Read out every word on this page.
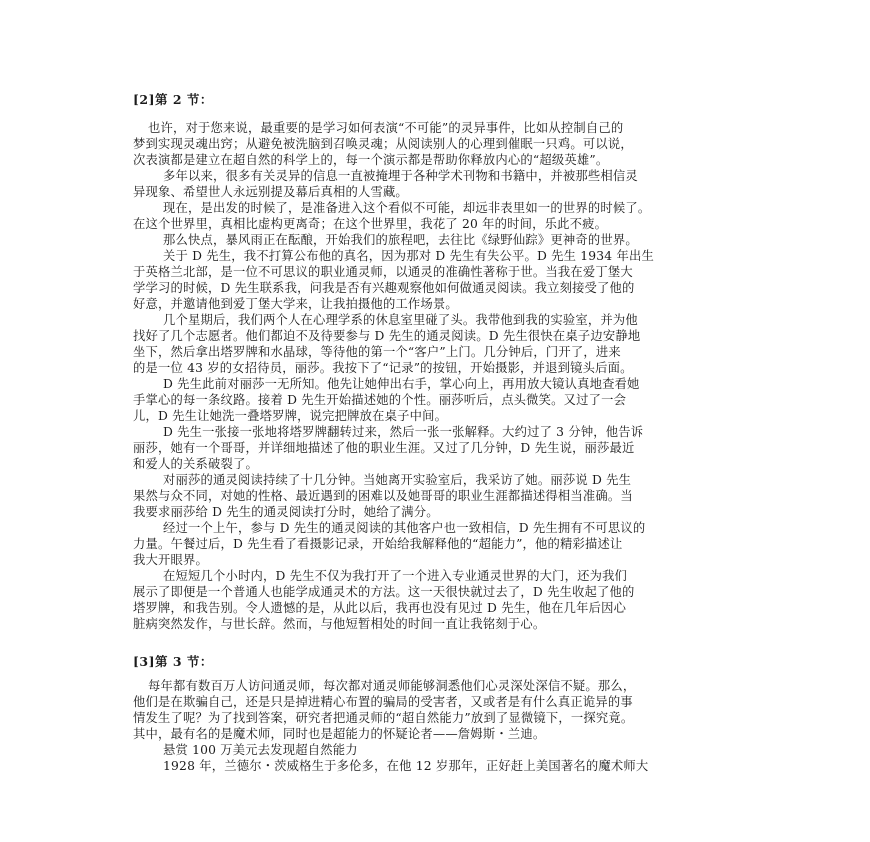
[2]第 2 节：
也许，对于您来说，最重要的是学习如何表演“不可能”的灵异事件，比如从控制自己的
梦到实现灵魂出窍；从避免被洗脑到召唤灵魂；从阅读别人的心理到催眠一只鸡。可以说，
次表演都是建立在超自然的科学上的，每一个演示都是帮助你释放内心的“超级英雄”。
多年以来，很多有关灵异的信息一直被掩埋于各种学术刊物和书籍中，并被那些相信灵
异现象、希望世人永远别提及幕后真相的人雪藏。
现在，是出发的时候了，是准备进入这个看似不可能，却远非表里如一的世界的时候了。
在这个世界里，真相比虚构更离奇；在这个世界里，我花了 20 年的时间，乐此不疲。
那么快点，暴风雨正在酝酿，开始我们的旅程吧，去往比《绿野仙踪》更神奇的世界。
关于 D 先生，我不打算公布他的真名，因为那对 D 先生有失公平。D 先生 1934 年出生
于英格兰北部，是一位不可思议的职业通灵师，以通灵的准确性著称于世。当我在爱丁堡大
学学习的时候，D 先生联系我，问我是否有兴趣观察他如何做通灵阅读。我立刻接受了他的
好意，并邀请他到爱丁堡大学来，让我拍摄他的工作场景。
几个星期后，我们两个人在心理学系的休息室里碰了头。我带他到我的实验室，并为他
找好了几个志愿者。他们都迫不及待要参与 D 先生的通灵阅读。D 先生很快在桌子边安静地
坐下，然后拿出塔罗牌和水晶球，等待他的第一个“客户”上门。几分钟后，门开了，进来
的是一位 43 岁的女招待员，丽莎。我按下了“记录”的按钮，开始摄影，并退到镜头后面。
D 先生此前对丽莎一无所知。他先让她伸出右手，掌心向上，再用放大镜认真地查看她
手掌心的每一条纹路。接着 D 先生开始描述她的个性。丽莎听后，点头微笑。又过了一会
儿，D 先生让她洗一叠塔罗牌，说完把牌放在桌子中间。
D 先生一张接一张地将塔罗牌翻转过来，然后一张一张解释。大约过了 3 分钟，他告诉
丽莎，她有一个哥哥，并详细地描述了他的职业生涯。又过了几分钟，D 先生说，丽莎最近
和爱人的关系破裂了。
对丽莎的通灵阅读持续了十几分钟。当她离开实验室后，我采访了她。丽莎说 D 先生
果然与众不同，对她的性格、最近遇到的困难以及她哥哥的职业生涯都描述得相当准确。当
我要求丽莎给 D 先生的通灵阅读打分时，她给了满分。
经过一个上午，参与 D 先生的通灵阅读的其他客户也一致相信，D 先生拥有不可思议的
力量。午餐过后，D 先生看了看摄影记录，开始给我解释他的“超能力”，他的精彩描述让
我大开眼界。
在短短几个小时内，D 先生不仅为我打开了一个进入专业通灵世界的大门，还为我们
展示了即便是一个普通人也能学成通灵术的方法。这一天很快就过去了，D 先生收起了他的
塔罗牌，和我告别。令人遗憾的是，从此以后，我再也没有见过 D 先生，他在几年后因心
脏病突然发作，与世长辞。然而，与他短暂相处的时间一直让我铭刻于心。
[3]第 3 节：
每年都有数百万人访问通灵师，每次都对通灵师能够洞悉他们心灵深处深信不疑。那么，
他们是在欺骗自己，还是只是掉进精心布置的骗局的受害者，又或者是有什么真正诡异的事
情发生了呢？为了找到答案，研究者把通灵师的“超自然能力”放到了显微镜下，一探究竟。
其中，最有名的是魔术师，同时也是超能力的怀疑论者——詹姆斯・兰迪。
悬赏 100 万美元去发现超自然能力
1928 年，兰德尔・茨威格生于多伦多，在他 12 岁那年，正好赶上美国著名的魔术师大
